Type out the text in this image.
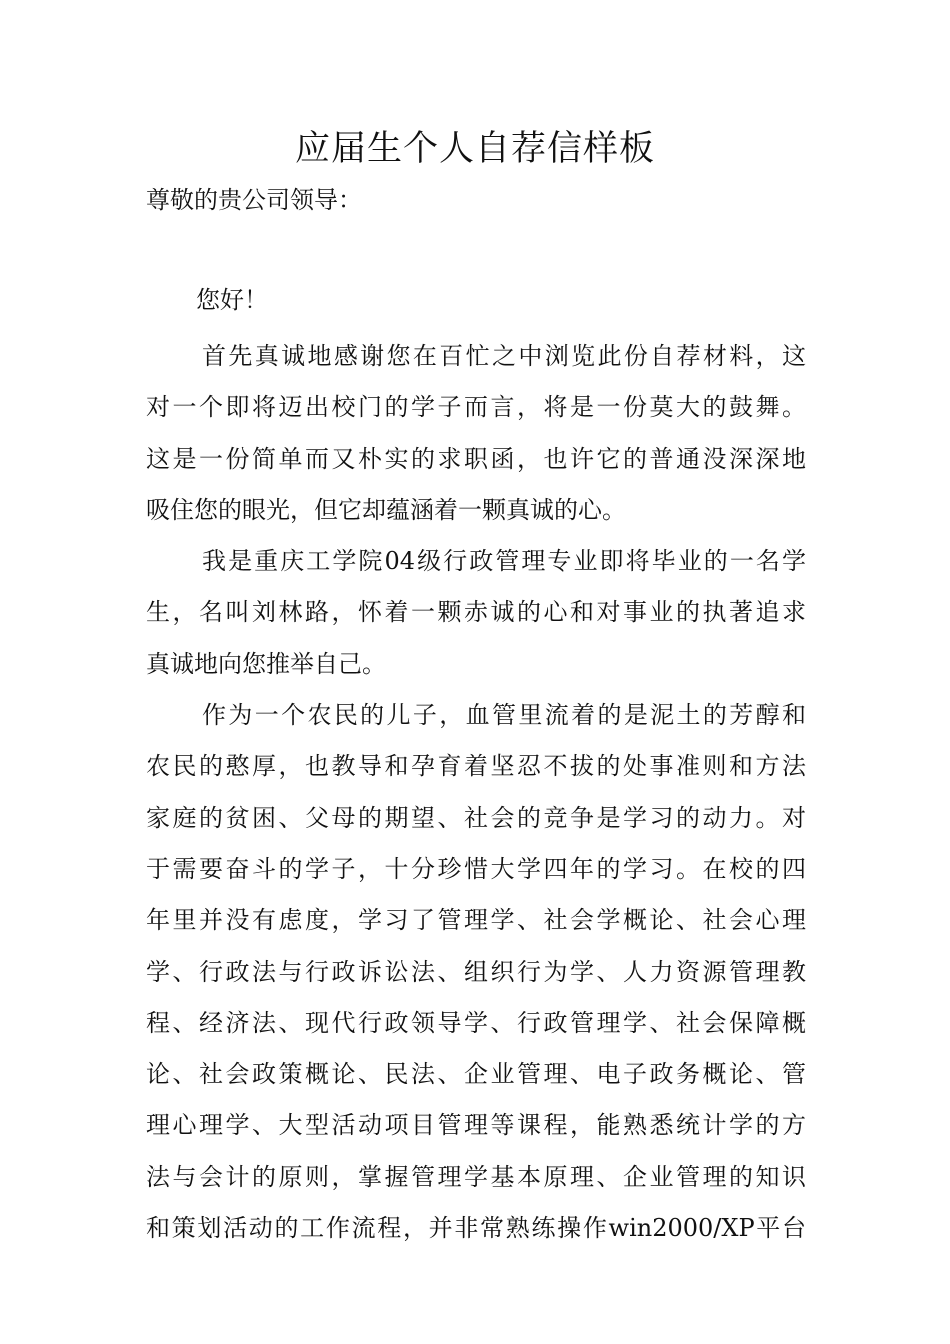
应届生个人自荐信样板
尊敬的贵公司领导：
您好！
首先真诚地感谢您在百忙之中浏览此份自荐材料，这
对一个即将迈出校门的学子而言，将是一份莫大的鼓舞。
这是一份简单而又朴实的求职函，也许它的普通没深深地
吸住您的眼光，但它却蕴涵着一颗真诚的心。
我是重庆工学院04级行政管理专业即将毕业的一名学
生，名叫刘林路，怀着一颗赤诚的心和对事业的执著追求
真诚地向您推举自己。
作为一个农民的儿子，血管里流着的是泥土的芳醇和
农民的憨厚，也教导和孕育着坚忍不拔的处事准则和方法
家庭的贫困、父母的期望、社会的竞争是学习的动力。对
于需要奋斗的学子，十分珍惜大学四年的学习。在校的四
年里并没有虑度，学习了管理学、社会学概论、社会心理
学、行政法与行政诉讼法、组织行为学、人力资源管理教
程、经济法、现代行政领导学、行政管理学、社会保障概
论、社会政策概论、民法、企业管理、电子政务概论、管
理心理学、大型活动项目管理等课程，能熟悉统计学的方
法与会计的原则，掌握管理学基本原理、企业管理的知识
和策划活动的工作流程，并非常熟练操作win2000/XP平台
